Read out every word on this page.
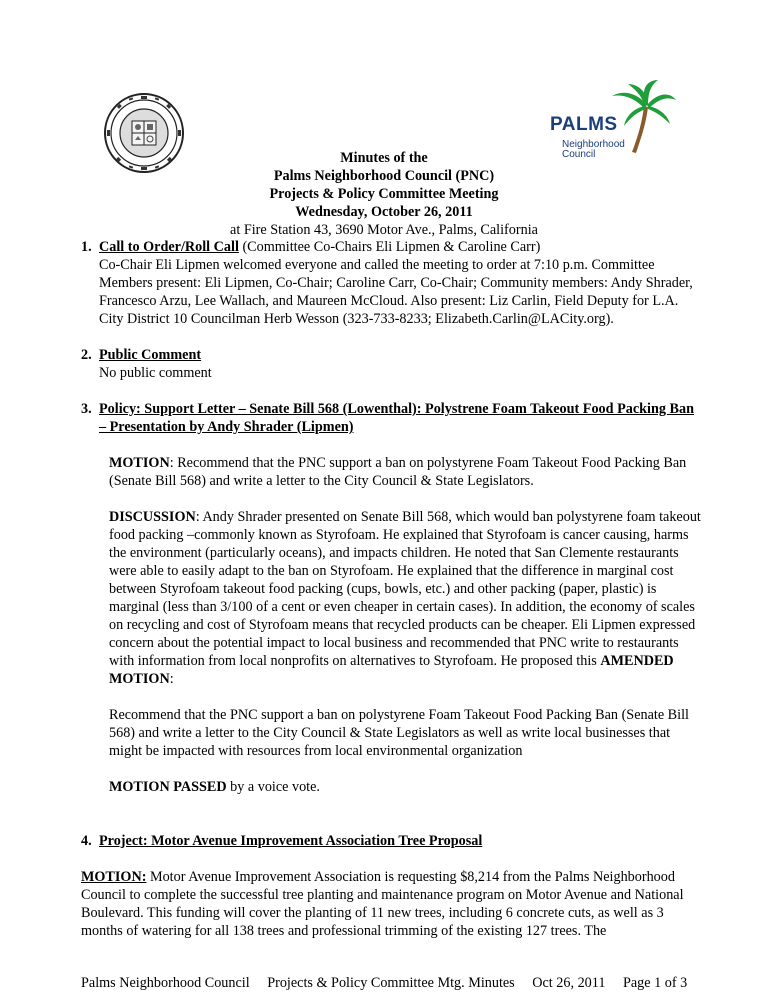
PALMS
Neighborhood
Council
Minutes of the
Palms Neighborhood Council (PNC)
Projects & Policy Committee Meeting
Wednesday, October 26, 2011
at Fire Station 43, 3690 Motor Ave., Palms, California
1. Call to Order/Roll Call (Committee Co-Chairs Eli Lipmen & Caroline Carr)

Co-Chair Eli Lipmen welcomed everyone and called the meeting to order at 7:10 p.m. Committee Members present: Eli Lipmen, Co-Chair; Caroline Carr, Co-Chair; Community members: Andy Shrader, Francesco Arzu, Lee Wallach, and Maureen McCloud. Also present: Liz Carlin, Field Deputy for L.A. City District 10 Councilman Herb Wesson (323-733-8233; Elizabeth.Carlin@LACity.org).

2. Public Comment

No public comment

3. Policy: Support Letter – Senate Bill 568 (Lowenthal): Polystrene Foam Takeout Food Packing Ban – Presentation by Andy Shrader (Lipmen)

MOTION: Recommend that the PNC support a ban on polystyrene Foam Takeout Food Packing Ban (Senate Bill 568) and write a letter to the City Council & State Legislators.

DISCUSSION: Andy Shrader presented on Senate Bill 568, which would ban polystyrene foam takeout food packing –commonly known as Styrofoam. He explained that Styrofoam is cancer causing, harms the environment (particularly oceans), and impacts children. He noted that San Clemente restaurants were able to easily adapt to the ban on Styrofoam. He explained that the difference in marginal cost between Styrofoam takeout food packing (cups, bowls, etc.) and other packing (paper, plastic) is marginal (less than 3/100 of a cent or even cheaper in certain cases). In addition, the economy of scales on recycling and cost of Styrofoam means that recycled products can be cheaper. Eli Lipmen expressed concern about the potential impact to local business and recommended that PNC write to restaurants with information from local nonprofits on alternatives to Styrofoam. He proposed this AMENDED MOTION:

Recommend that the PNC support a ban on polystyrene Foam Takeout Food Packing Ban (Senate Bill 568) and write a letter to the City Council & State Legislators as well as write local businesses that might be impacted with resources from local environmental organization

MOTION PASSED by a voice vote.

4. Project: Motor Avenue Improvement Association Tree Proposal

MOTION: Motor Avenue Improvement Association is requesting $8,214 from the Palms Neighborhood Council to complete the successful tree planting and maintenance program on Motor Avenue and National Boulevard. This funding will cover the planting of 11 new trees, including 6 concrete cuts, as well as 3 months of watering for all 138 trees and professional trimming of the existing 127 trees. The

Palms Neighborhood Council Projects & Policy Committee Mtg. Minutes Oct 26, 2011 Page 1 of 3
